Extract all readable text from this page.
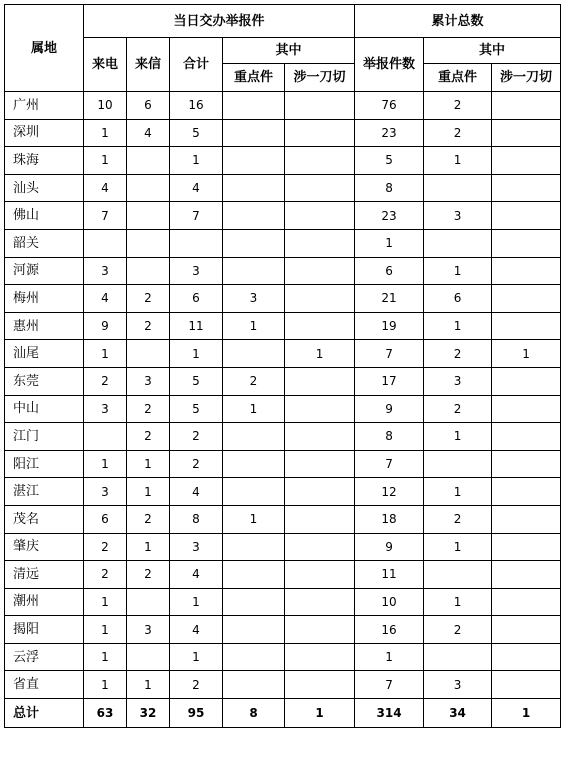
属地	当日交办举报件					累计总数		
	来电	来信	合计	其中		举报件数	其中	
				重点件	涉一刀切		重点件	涉一刀切
广州	10	6	16			76	2	
深圳	1	4	5			23	2	
珠海	1		1			5	1	
汕头	4		4			8		
佛山	7		7			23	3	
韶关						1		
河源	3		3			6	1	
梅州	4	2	6	3		21	6	
惠州	9	2	11	1		19	1	
汕尾	1		1		1	7	2	1
东莞	2	3	5	2		17	3	
中山	3	2	5	1		9	2	
江门		2	2			8	1	
阳江	1	1	2			7		
湛江	3	1	4			12	1	
茂名	6	2	8	1		18	2	
肇庆	2	1	3			9	1	
清远	2	2	4			11		
潮州	1		1			10	1	
揭阳	1	3	4			16	2	
云浮	1		1			1		
省直	1	1	2			7	3	
总计	63	32	95	8	1	314	34	1
